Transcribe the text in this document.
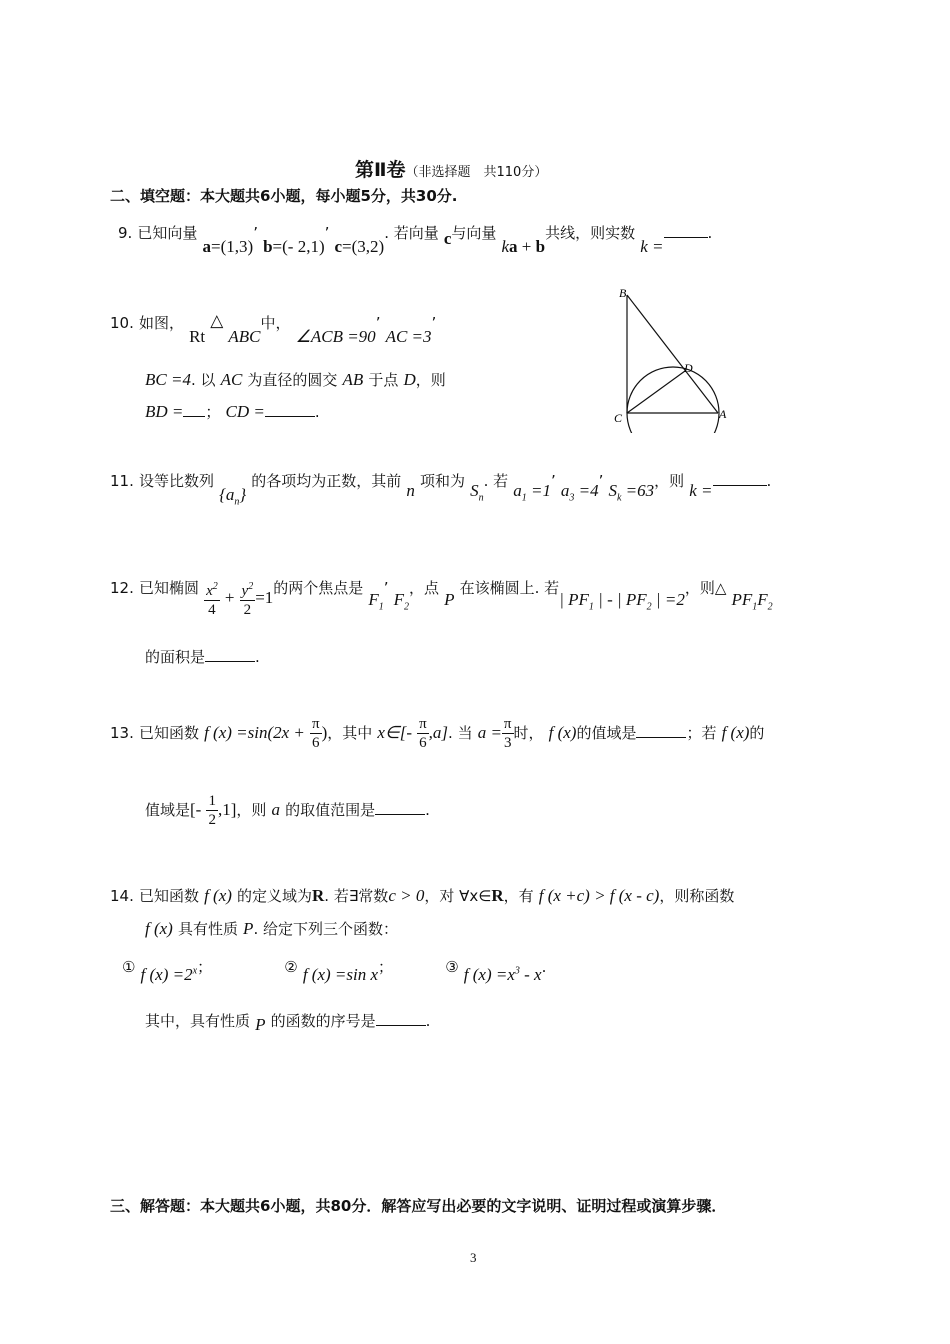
第Ⅱ卷（非选择题　共110分）
二、填空题：本大题共6小题，每小题5分，共30分.
9. 已知向量 a=(1,3)’ b=(- 2,1)’ c=(3,2). 若向量 c与向量 ka + b共线，则实数 k =.
10. 如图， Rt △ ABC中， ∠ACB =90’ AC =3’
BC =4. 以 AC 为直径的圆交 AB 于点 D，则
BD = ； CD =	.
B
D
C	A
11. 设等比数列 $\{a_n\}$ 的各项均为正数，其前 n 项和为 $S_n$. 若 $a_1 =1$’ $a_3 =4$’ $S_k =63$，则 k =	.
12. 已知椭圆 $\frac{x^2}{4} + \frac{y^2}{2} =1$的两个焦点是 $F_1$’ $F_2$，点 P 在该椭圆上. 若| $PF_1$ | - | $PF_2$ | =2，则△ $PF_1F_2$
的面积是	.
13. 已知函数 f $(x) =\sin(2x + \frac{\pi}{6}$ )，其中 x∈[- $\frac{\pi}{6} ,a$]. 当 $a = \frac{\pi}{3}$ 时， f (x)的值域是	；若 f (x)的
值域是[- $\frac{1}{2} ,1$]，则 a 的取值范围是	.
14. 已知函数 f (x) 的定义域为R. 若∃常数c > 0，对 ∀x∈R，有 f (x +c) > f (x - c)，则称函数
f (x) 具有性质 P. 给定下列三个函数：
① f $(x) =2^x$；	② f (x) =sin x；	③ f $(x) =x^3 - x$.
其中，具有性质 P 的函数的序号是	.
三、解答题：本大题共6小题，共80分．解答应写出必要的文字说明、证明过程或演算步骤．
3
